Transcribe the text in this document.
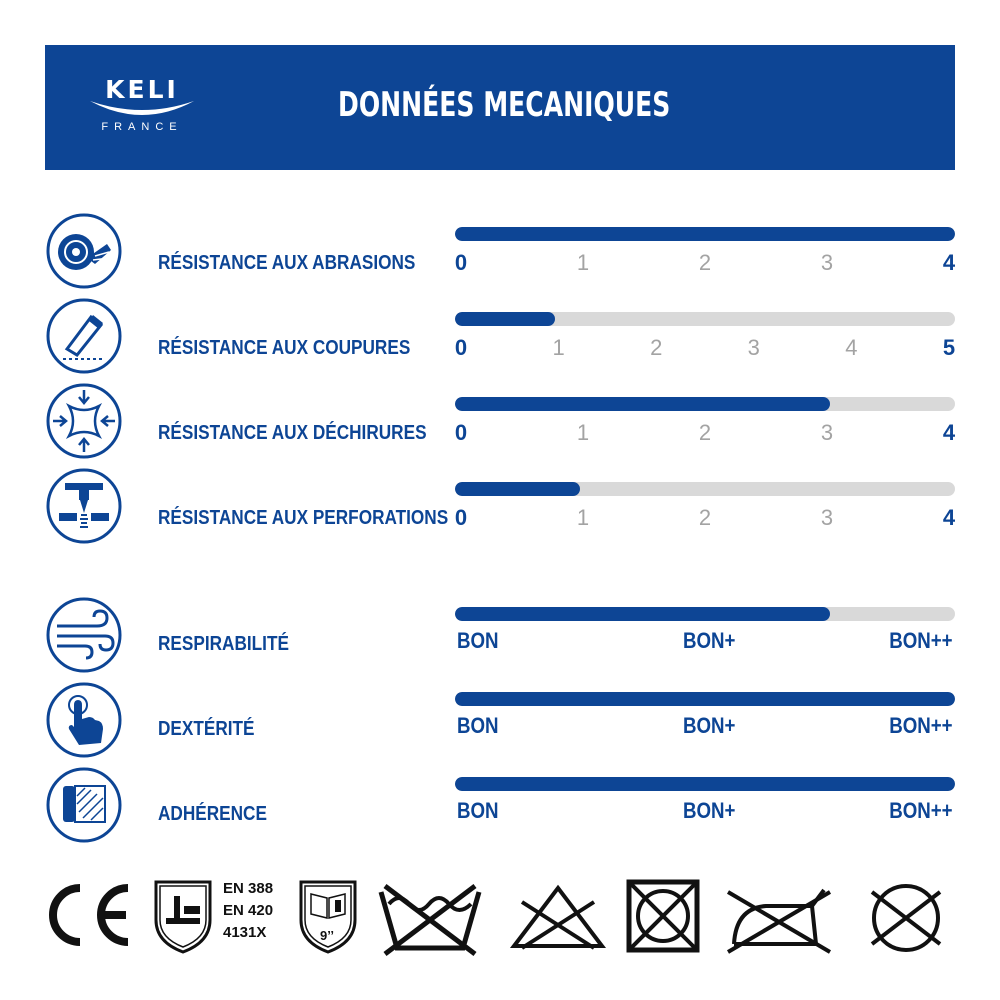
KELI
FRANCE
DONNÉES MECANIQUES
RÉSISTANCE AUX ABRASIONS 0	1	2	3	4
RÉSISTANCE AUX COUPURES 0	1	2	3	4	5
RÉSISTANCE AUX DÉCHIRURES 0	1	2	3	4
RÉSISTANCE AUX PERFORATIONS 0	1	2	3	4
RESPIRABILITÉ	BON	BON+	BON++
DEXTÉRITÉ	BON	BON+	BON++
ADHÉRENCE	BON	BON+	BON++
EN 388
EN 420
4131X	9’’
